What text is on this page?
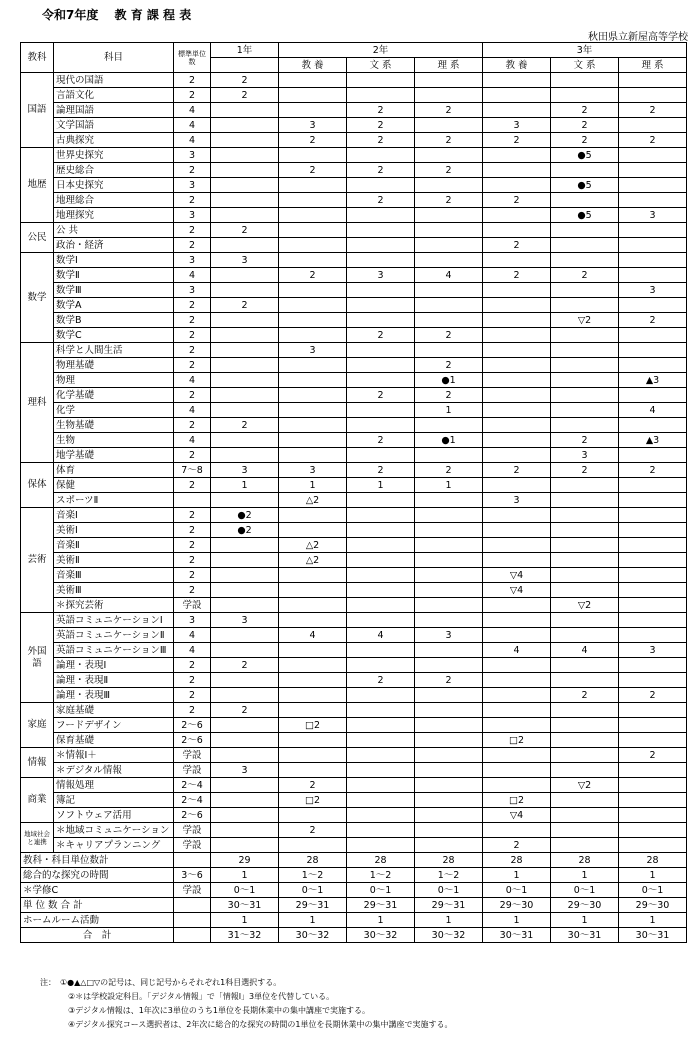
令和7年度　 教 育 課 程 表
秋田県立新屋高等学校
教科	科目	標準単位数	1年	2年			3年		
				教 養	文 系	理 系	教 養	文 系	理 系
国語	現代の国語	2	2						
	言語文化	2	2						
	論理国語	4			2	2		2	2
	文学国語	4		3	2		3	2	
	古典探究	4		2	2	2	2	2	2
地歴	世界史探究	3						●5	
	歴史総合	2		2	2	2			
	日本史探究	3						●5	
	地理総合	2			2	2	2		
	地理探究	3						●5	3
公民	公 共	2	2						
	政治・経済	2					2		
数学	数学Ⅰ	3	3						
	数学Ⅱ	4		2	3	4	2	2	
	数学Ⅲ	3							3
	数学A	2	2						
	数学B	2						▽2	2
	数学C	2			2	2			
理科	科学と人間生活	2		3					
	物理基礎	2				2			
	物理	4				●1			▲3
	化学基礎	2			2	2			
	化学	4				1			4
	生物基礎	2	2						
	生物	4			2	●1		2	▲3
	地学基礎	2						3	
保体	体育	7～8	3	3	2	2	2	2	2
	保健	2	1	1	1	1			
	スポーツⅡ			△2			3		
芸術	音楽Ⅰ	2	●2						
	美術Ⅰ	2	●2						
	音楽Ⅱ	2		△2					
	美術Ⅱ	2		△2					
	音楽Ⅲ	2					▽4		
	美術Ⅲ	2					▽4		
	＊探究芸術	学設						▽2	
外国語	英語コミュニケーションⅠ	3	3						
	英語コミュニケーションⅡ	4		4	4	3			
	英語コミュニケーションⅢ	4					4	4	3
	論理・表現Ⅰ	2	2						
	論理・表現Ⅱ	2			2	2			
	論理・表現Ⅲ	2						2	2
家庭	家庭基礎	2	2						
	フードデザイン	2～6		□2					
	保育基礎	2～6					□2		
情報	＊情報Ⅰ＋	学設							2
	＊デジタル情報	学設	3						
商業	情報処理	2～4		2				▽2	
	簿記	2～4		□2			□2		
	ソフトウェア活用	2～6					▽4		
地域社会と連携	＊地域コミュニケーション	学設		2					
	＊キャリアプランニング	学設					2		
教科・科目単位数計			29	28	28	28	28	28	28
総合的な探究の時間		3～6	1	1～2	1～2	1～2	1	1	1
＊学修C		学設	0～1	0～1	0～1	0～1	0～1	0～1	0～1
単 位 数 合 計			30～31	29～31	29～31	29～31	29～30	29～30	29～30
ホームルーム活動			1	1	1	1	1	1	1
合　計			31～32	30～32	30～32	30～32	30～31	30～31	30～31
注：　①●▲△□▽の記号は、同じ記号からそれぞれ1科目選択する。
②＊は学校設定科目。「デジタル情報」で「情報Ⅰ」3単位を代替している。
③デジタル情報は、1年次に3単位のうち1単位を長期休業中の集中講座で実施する。
④デジタル探究コース選択者は、2年次に総合的な探究の時間の1単位を長期休業中の集中講座で実施する。
